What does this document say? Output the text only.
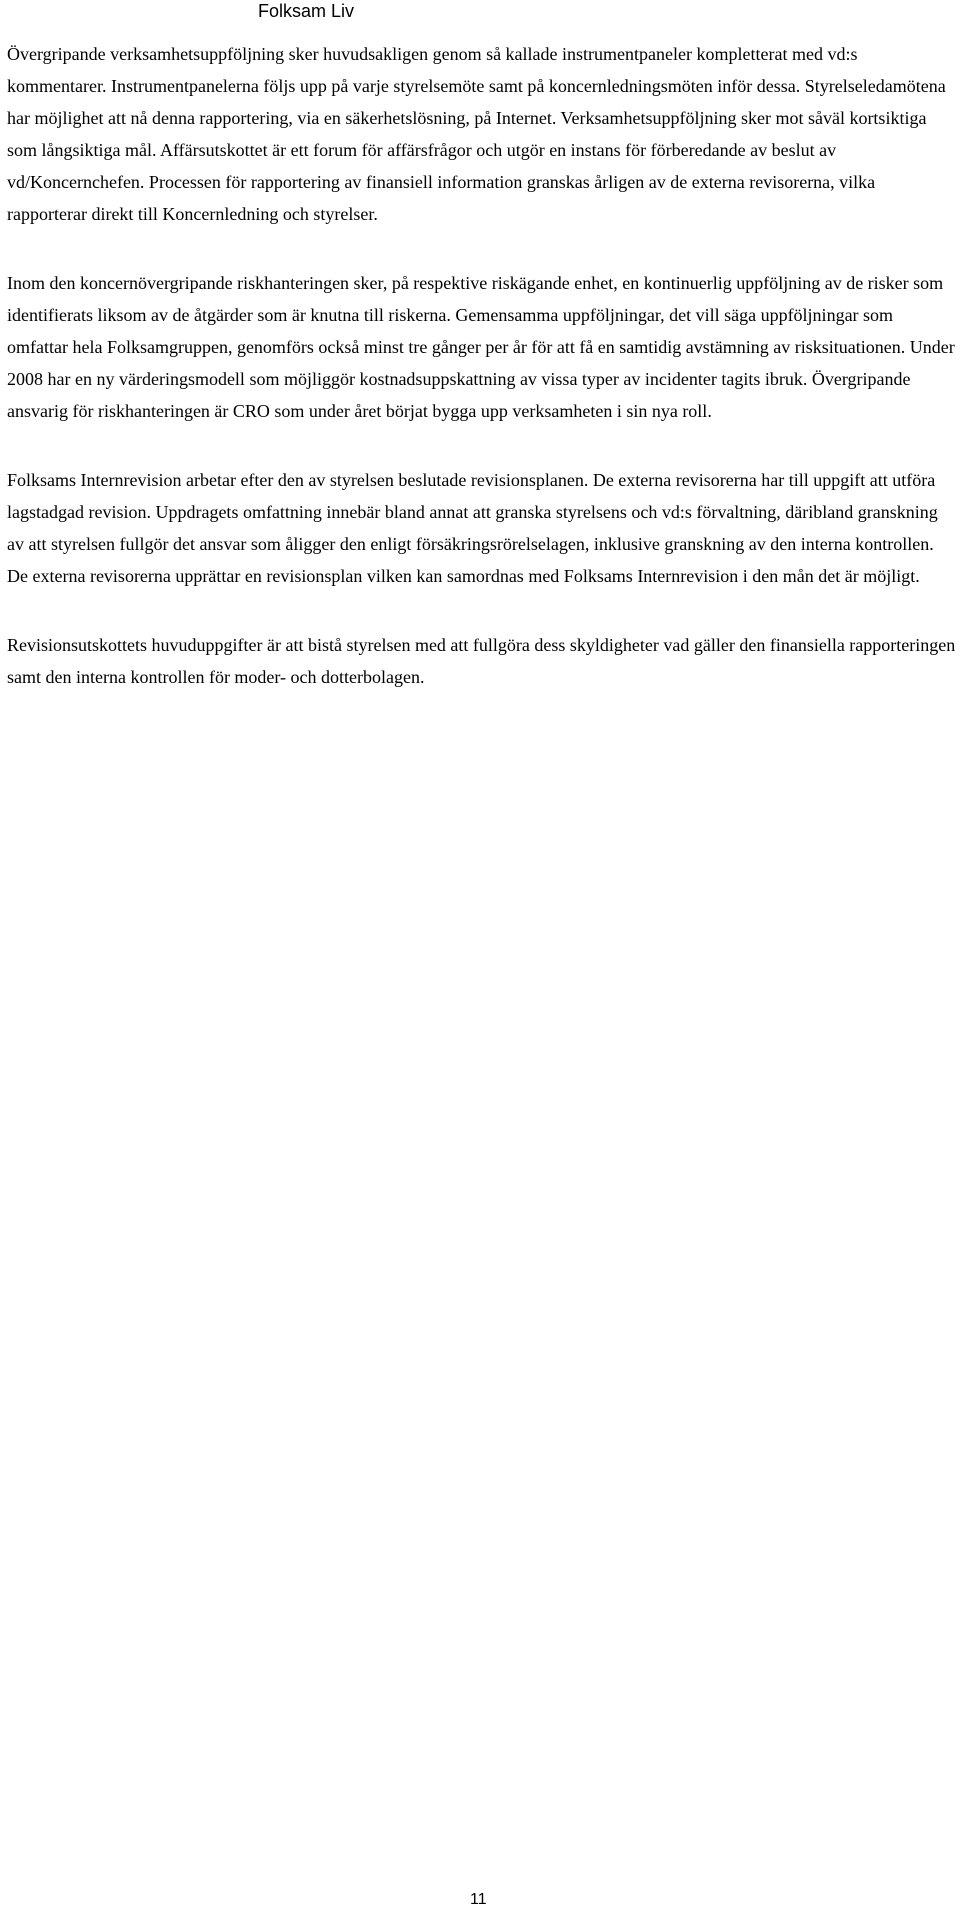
Folksam Liv

Övergripande verksamhetsuppföljning sker huvudsakligen genom så kallade instrumentpaneler kompletterat med vd:s kommentarer. Instrumentpanelerna följs upp på varje styrelsemöte samt på koncernledningsmöten inför dessa. Styrelseledamötena har möjlighet att nå denna rapportering, via en säkerhetslösning, på Internet. Verksamhetsuppföljning sker mot såväl kortsiktiga som långsiktiga mål. Affärsutskottet är ett forum för affärsfrågor och utgör en instans för förberedande av beslut av vd/Koncernchefen. Processen för rapportering av finansiell information granskas årligen av de externa revisorerna, vilka rapporterar direkt till Koncernledning och styrelser.

Inom den koncernövergripande riskhanteringen sker, på respektive riskägande enhet, en kontinuerlig uppföljning av de risker som identifierats liksom av de åtgärder som är knutna till riskerna. Gemensamma uppföljningar, det vill säga uppföljningar som omfattar hela Folksamgruppen, genomförs också minst tre gånger per år för att få en samtidig avstämning av risksituationen. Under 2008 har en ny värderingsmodell som möjliggör kostnadsuppskattning av vissa typer av incidenter tagits ibruk. Övergripande ansvarig för riskhanteringen är CRO som under året börjat bygga upp verksamheten i sin nya roll.

Folksams Internrevision arbetar efter den av styrelsen beslutade revisionsplanen. De externa revisorerna har till uppgift att utföra lagstadgad revision. Uppdragets omfattning innebär bland annat att granska styrelsens och vd:s förvaltning, däribland granskning av att styrelsen fullgör det ansvar som åligger den enligt försäkringsrörelselagen, inklusive granskning av den interna kontrollen. De externa revisorerna upprättar en revisionsplan vilken kan samordnas med Folksams Internrevision i den mån det är möjligt.

Revisionsutskottets huvuduppgifter är att bistå styrelsen med att fullgöra dess skyldigheter vad gäller den finansiella rapporteringen samt den interna kontrollen för moder- och dotterbolagen.

11
